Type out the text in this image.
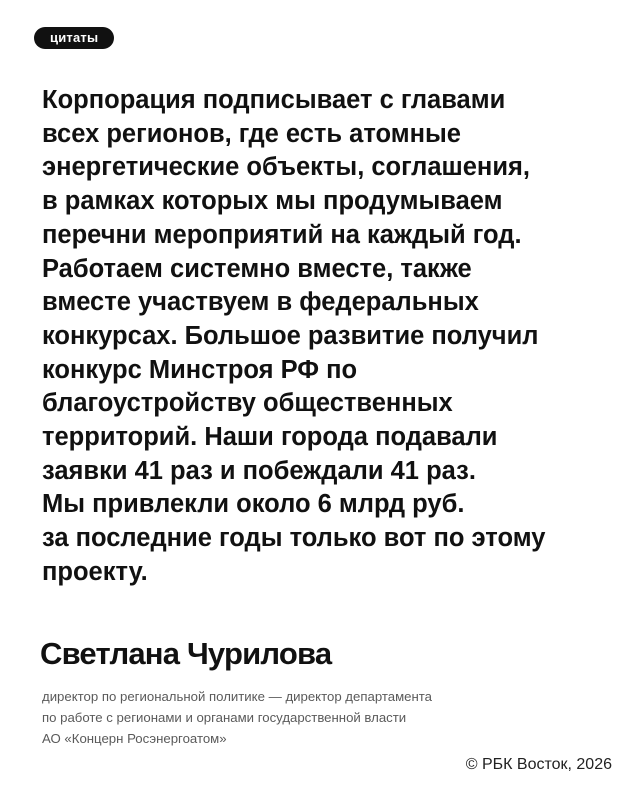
цитаты
Корпорация подписывает с главами
всех регионов, где есть атомные
энергетические объекты, соглашения,
в рамках которых мы продумываем
перечни мероприятий на каждый год.
Работаем системно вместе, также
вместе участвуем в федеральных
конкурсах. Большое развитие получил
конкурс Минстроя РФ по
благоустройству общественных
территорий. Наши города подавали
заявки 41 раз и побеждали 41 раз.
Мы привлекли около 6 млрд руб.
за последние годы только вот по этому
проекту.
Светлана Чурилова
директор по региональной политике — директор департамента
по работе с регионами и органами государственной власти
АО «Концерн Росэнергоатом»
© РБК Восток, 2026
